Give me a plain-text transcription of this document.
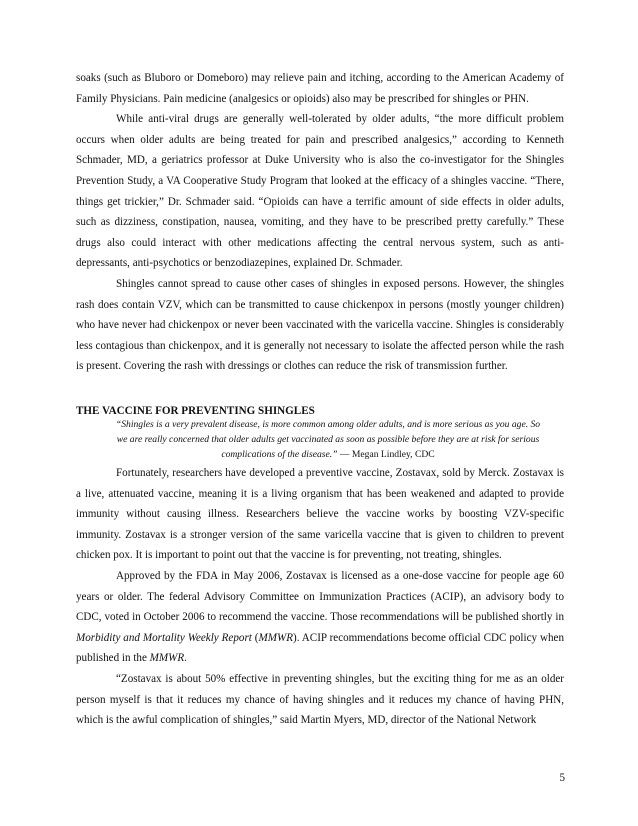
soaks (such as Bluboro or Domeboro) may relieve pain and itching, according to the American Academy of Family Physicians. Pain medicine (analgesics or opioids) also may be prescribed for shingles or PHN.

While anti-viral drugs are generally well-tolerated by older adults, “the more difficult problem occurs when older adults are being treated for pain and prescribed analgesics,” according to Kenneth Schmader, MD, a geriatrics professor at Duke University who is also the co-investigator for the Shingles Prevention Study, a VA Cooperative Study Program that looked at the efficacy of a shingles vaccine. “There, things get trickier,” Dr. Schmader said. “Opioids can have a terrific amount of side effects in older adults, such as dizziness, constipation, nausea, vomiting, and they have to be prescribed pretty carefully.” These drugs also could interact with other medications affecting the central nervous system, such as anti-depressants, anti-psychotics or benzodiazepines, explained Dr. Schmader.

Shingles cannot spread to cause other cases of shingles in exposed persons. However, the shingles rash does contain VZV, which can be transmitted to cause chickenpox in persons (mostly younger children) who have never had chickenpox or never been vaccinated with the varicella vaccine. Shingles is considerably less contagious than chickenpox, and it is generally not necessary to isolate the affected person while the rash is present. Covering the rash with dressings or clothes can reduce the risk of transmission further.

THE VACCINE FOR PREVENTING SHINGLES

“Shingles is a very prevalent disease, is more common among older adults, and is more serious as you age. So we are really concerned that older adults get vaccinated as soon as possible before they are at risk for serious complications of the disease.” — Megan Lindley, CDC

Fortunately, researchers have developed a preventive vaccine, Zostavax, sold by Merck. Zostavax is a live, attenuated vaccine, meaning it is a living organism that has been weakened and adapted to provide immunity without causing illness. Researchers believe the vaccine works by boosting VZV-specific immunity. Zostavax is a stronger version of the same varicella vaccine that is given to children to prevent chicken pox. It is important to point out that the vaccine is for preventing, not treating, shingles.

Approved by the FDA in May 2006, Zostavax is licensed as a one-dose vaccine for people age 60 years or older. The federal Advisory Committee on Immunization Practices (ACIP), an advisory body to CDC, voted in October 2006 to recommend the vaccine. Those recommendations will be published shortly in Morbidity and Mortality Weekly Report (MMWR). ACIP recommendations become official CDC policy when published in the MMWR.

“Zostavax is about 50% effective in preventing shingles, but the exciting thing for me as an older person myself is that it reduces my chance of having shingles and it reduces my chance of having PHN, which is the awful complication of shingles,” said Martin Myers, MD, director of the National Network

5
